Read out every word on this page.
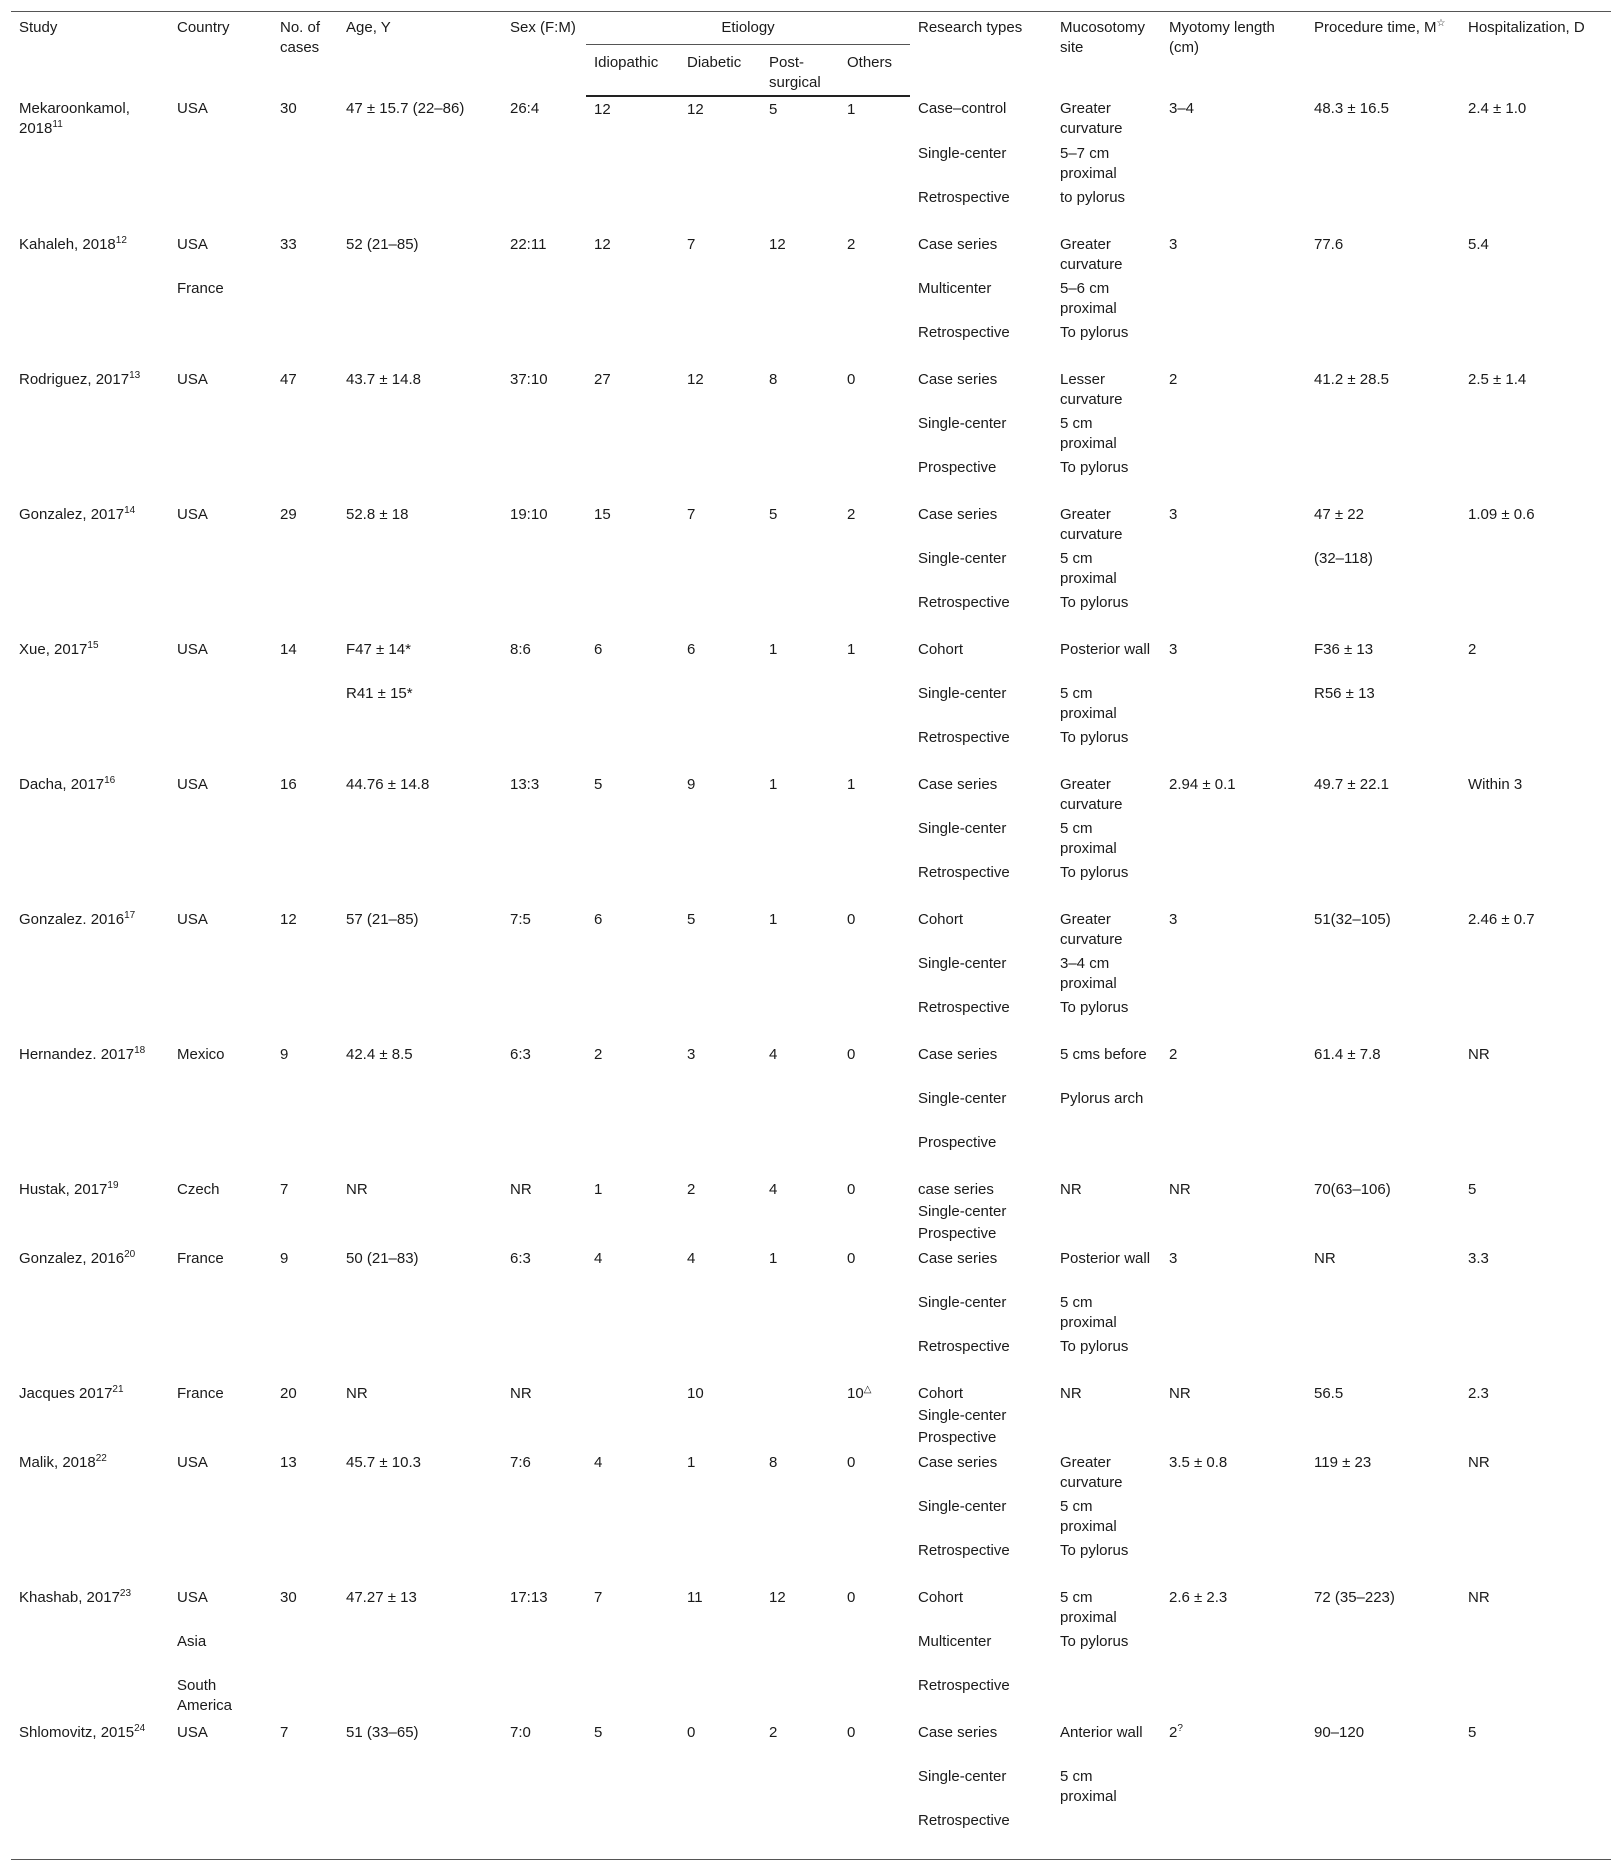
Study	Country	No. of cases	Age, Y	Sex (F:M)	Etiology				Research types	Mucosotomy site	Myotomy length (cm)	Procedure time, M☆	Hospitalization, D
					Idiopathic	Diabetic	Post-surgical	Others					
Mekaroonkamol, 2018$^{11}$	USA	30	47 ± 15.7 (22–86)	26:4	12	12	5	1	Case–control	Greater curvature	3–4	48.3 ± 16.5	2.4 ± 1.0
									Single-center	5–7 cm proximal			
									Retrospective	to pylorus			
Kahaleh, 2018$^{12}$	USA	33	52 (21–85)	22:11	12	7	12	2	Case series	Greater curvature	3	77.6	5.4
	France								Multicenter	5–6 cm proximal			
									Retrospective	To pylorus			
Rodriguez, 2017$^{13}$	USA	47	43.7 ± 14.8	37:10	27	12	8	0	Case series	Lesser curvature	2	41.2 ± 28.5	2.5 ± 1.4
									Single-center	5 cm proximal			
									Prospective	To pylorus			
Gonzalez, 2017$^{14}$	USA	29	52.8 ± 18	19:10	15	7	5	2	Case series	Greater curvature	3	47 ± 22	1.09 ± 0.6
									Single-center	5 cm proximal		(32–118)	
									Retrospective	To pylorus			
Xue, 2017$^{15}$	USA	14	F47 ± 14*	8:6	6	6	1	1	Cohort	Posterior wall	3	F36 ± 13	2
			R41 ± 15*						Single-center	5 cm proximal		R56 ± 13	
									Retrospective	To pylorus			
Dacha, 2017$^{16}$	USA	16	44.76 ± 14.8	13:3	5	9	1	1	Case series	Greater curvature	2.94 ± 0.1	49.7 ± 22.1	Within 3
									Single-center	5 cm proximal			
									Retrospective	To pylorus			
Gonzalez. 2016$^{17}$	USA	12	57 (21–85)	7:5	6	5	1	0	Cohort	Greater curvature	3	51(32–105)	2.46 ± 0.7
									Single-center	3–4 cm proximal			
									Retrospective	To pylorus			
Hernandez. 2017$^{18}$	Mexico	9	42.4 ± 8.5	6:3	2	3	4	0	Case series	5 cms before	2	61.4 ± 7.8	NR
									Single-center	Pylorus arch			
									Prospective				
Hustak, 2017$^{19}$	Czech	7	NR	NR	1	2	4	0	case series	NR	NR	70(63–106)	5
									Single-center				
									Prospective				
Gonzalez, 2016$^{20}$	France	9	50 (21–83)	6:3	4	4	1	0	Case series	Posterior wall	3	NR	3.3
									Single-center	5 cm proximal			
									Retrospective	To pylorus			
Jacques 2017$^{21}$	France	20	NR	NR		10		10△	Cohort	NR	NR	56.5	2.3
									Single-center				
									Prospective				
Malik, 2018$^{22}$	USA	13	45.7 ± 10.3	7:6	4	1	8	0	Case series	Greater curvature	3.5 ± 0.8	119 ± 23	NR
									Single-center	5 cm proximal			
									Retrospective	To pylorus			
Khashab, 2017$^{23}$	USA	30	47.27 ± 13	17:13	7	11	12	0	Cohort	5 cm proximal	2.6 ± 2.3	72 (35–223)	NR
	Asia								Multicenter	To pylorus			
	South America								Retrospective				
Shlomovitz, 2015$^{24}$	USA	7	51 (33–65)	7:0	5	0	2	0	Case series	Anterior wall	2?	90–120	5
									Single-center	5 cm proximal			
									Retrospective				
